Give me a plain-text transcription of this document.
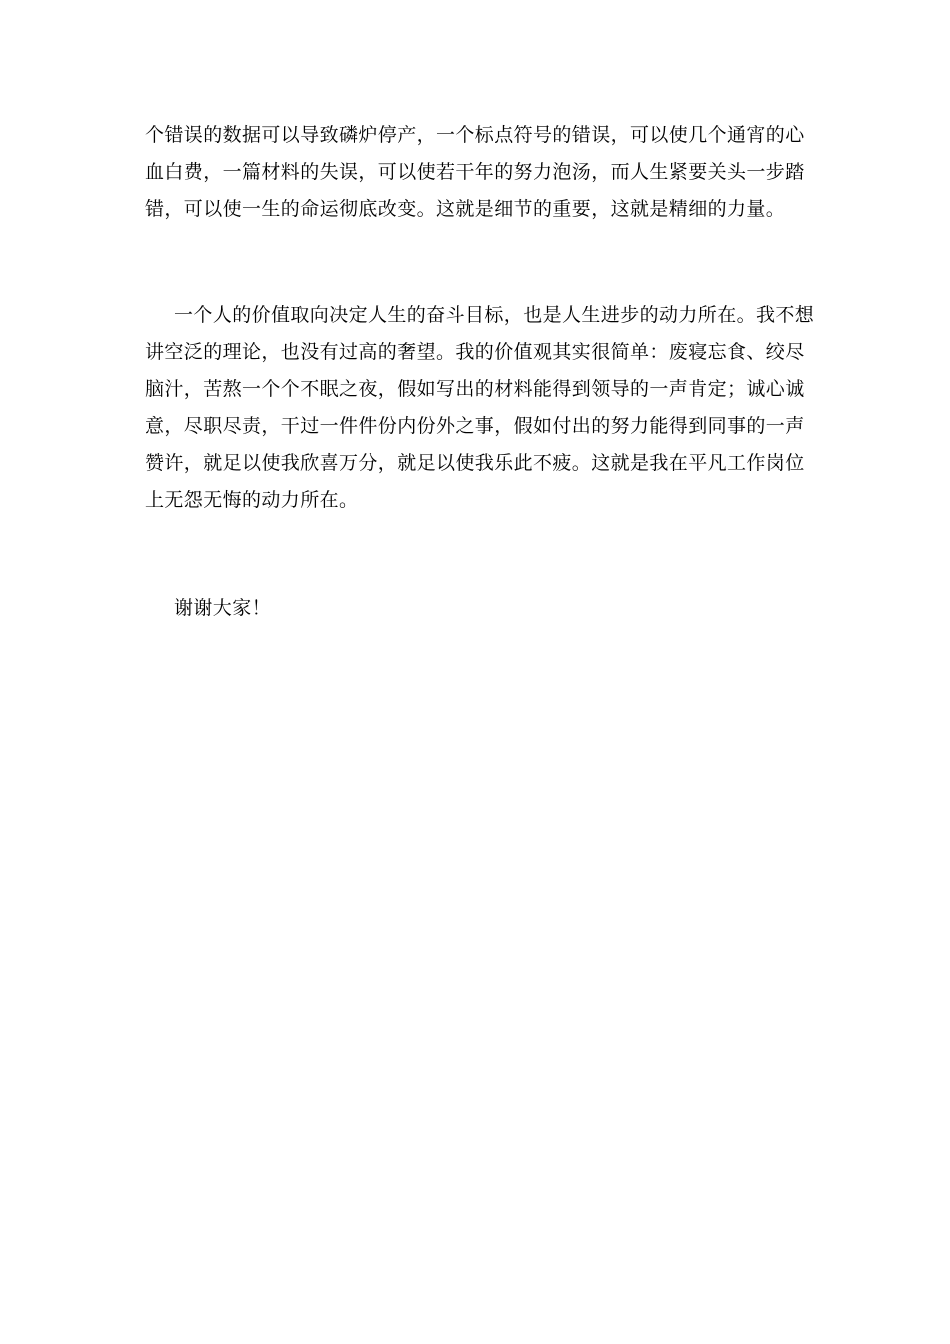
个错误的数据可以导致磷炉停产，一个标点符号的错误，可以使几个通宵的心
血白费，一篇材料的失误，可以使若干年的努力泡汤，而人生紧要关头一步踏
错，可以使一生的命运彻底改变。这就是细节的重要，这就是精细的力量。
一个人的价值取向决定人生的奋斗目标，也是人生进步的动力所在。我不想
讲空泛的理论，也没有过高的奢望。我的价值观其实很简单：废寝忘食、绞尽
脑汁，苦熬一个个不眠之夜，假如写出的材料能得到领导的一声肯定；诚心诚
意，尽职尽责，干过一件件份内份外之事，假如付出的努力能得到同事的一声
赞许，就足以使我欣喜万分，就足以使我乐此不疲。这就是我在平凡工作岗位
上无怨无悔的动力所在。
谢谢大家！
